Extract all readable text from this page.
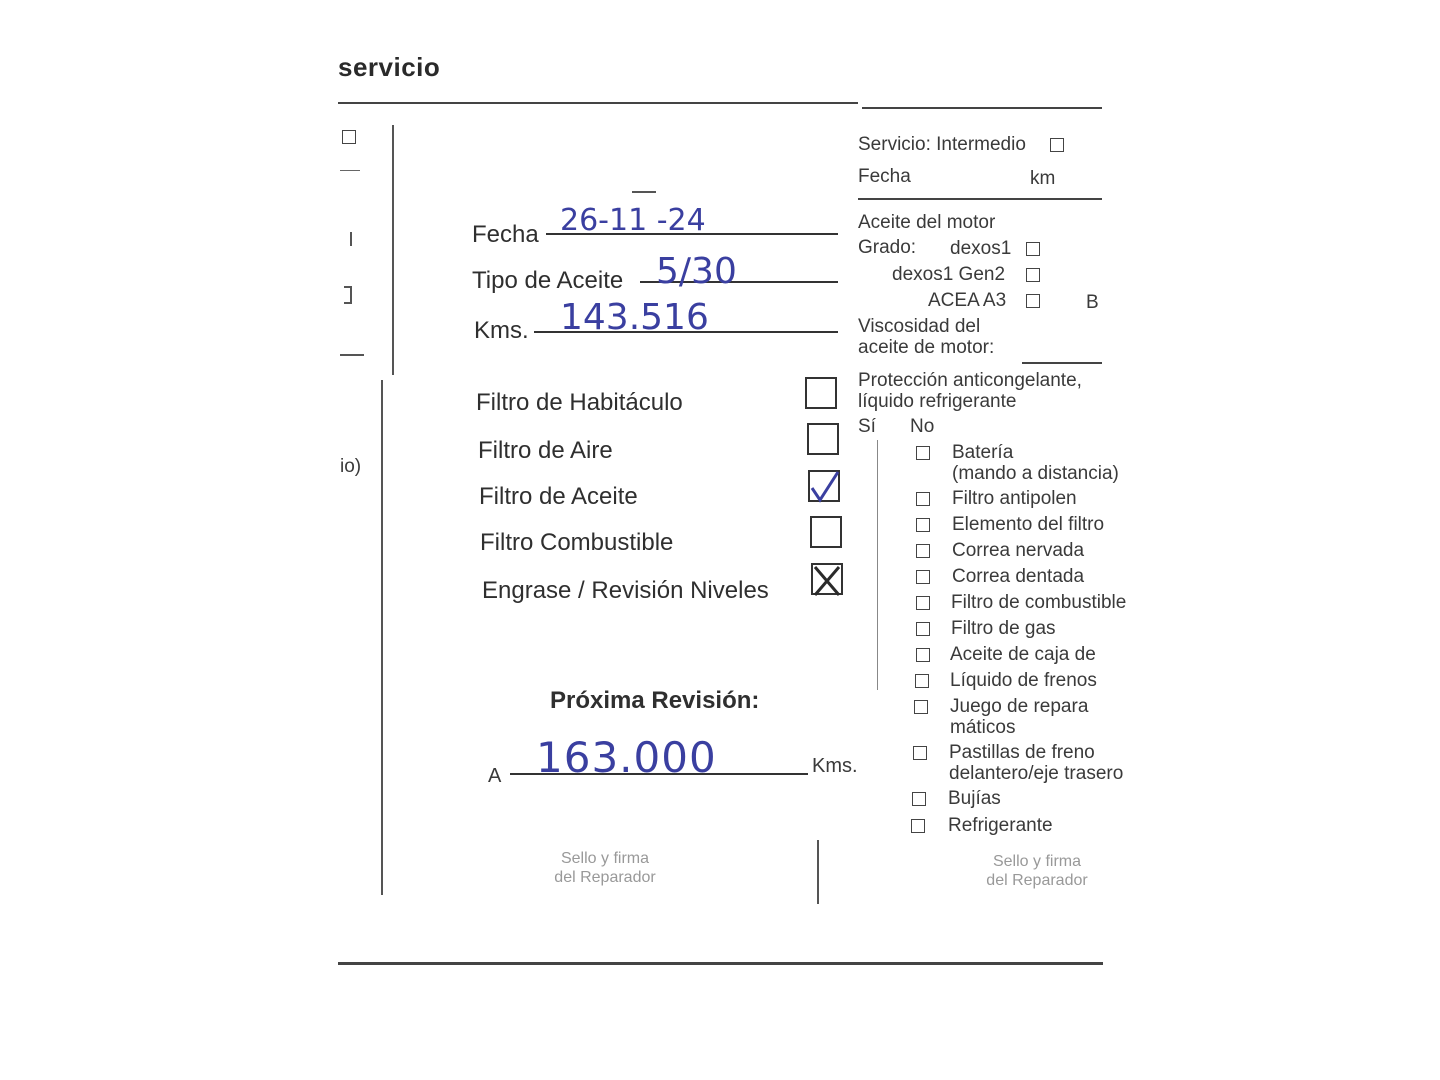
servicio
io)
Fecha 26-11 -24
Tipo de Aceite 5/30
Kms. 143.516
Filtro de Habitáculo
Filtro de Aire
Filtro de Aceite
Filtro Combustible
Engrase / Revisión Niveles
Próxima Revisión:
A 163.000	Kms.
Sello y firma
del Reparador
Servicio: Intermedio
Fecha	km
Aceite del motor
Grado: dexos1
dexos1 Gen2
ACEA A3	B
Viscosidad del
aceite de motor:
Protección anticongelante,
líquido refrigerante
Sí No
Batería
(mando a distancia)
Filtro antipolen
Elemento del filtro
Correa nervada
Correa dentada
Filtro de combustible
Filtro de gas
Aceite de caja de
Líquido de frenos
Juego de repara
máticos
Pastillas de freno
delantero/eje trasero
Bujías
Refrigerante
Sello y firma
del Reparador
